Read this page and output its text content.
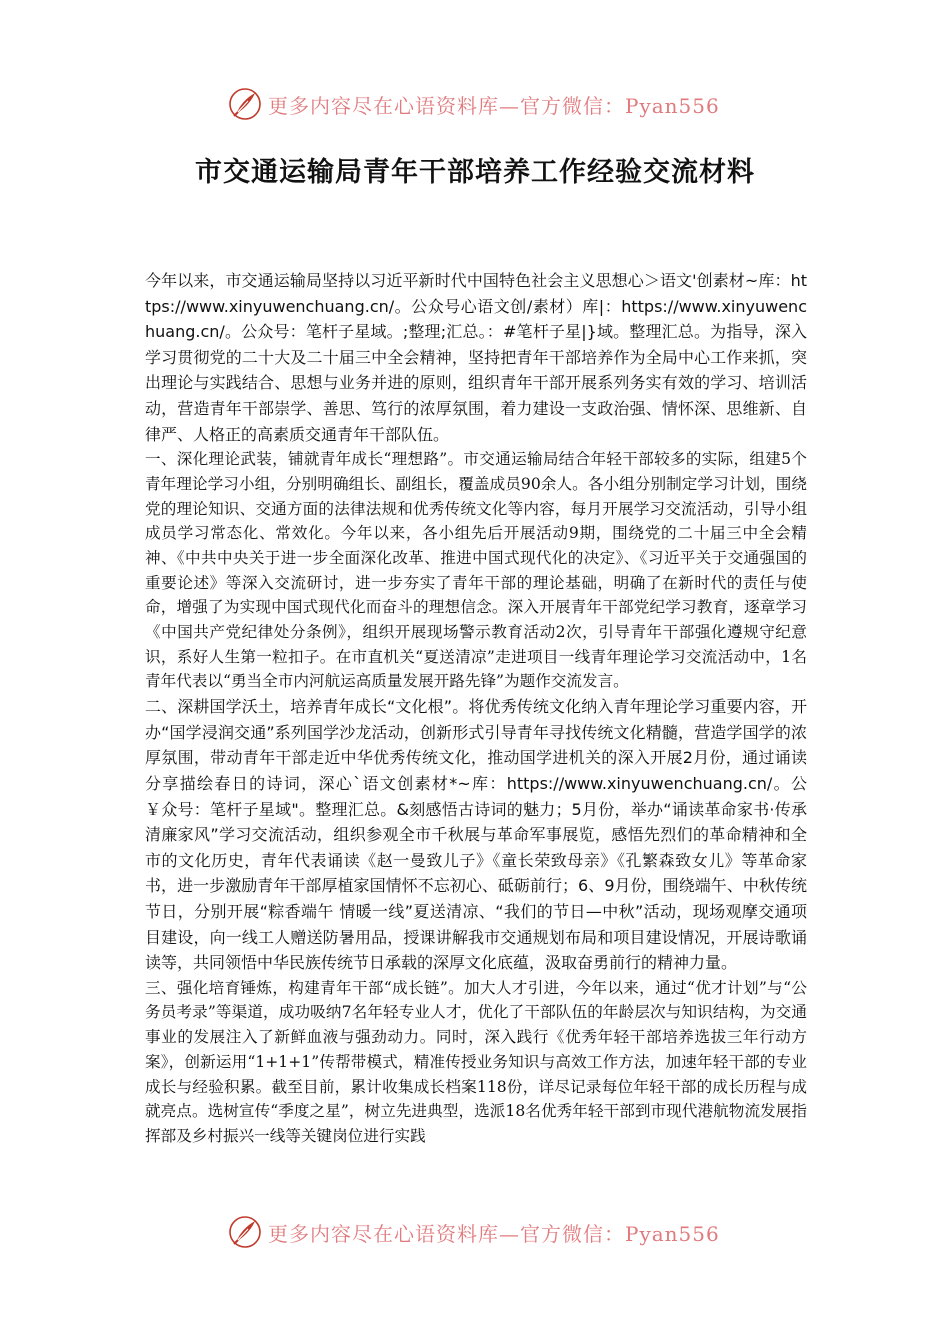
更多内容尽在心语资料库—官方微信：Pyan556
市交通运输局青年干部培养工作经验交流材料

今年以来，市交通运输局坚持以习近平新时代中国特色社会主义思想心＞语文'创素材~库：https://www.xinyuwenchuang.cn/。公众号心语文创/素材）库|：https://www.xinyuwenchuang.cn/。公众号：笔杆子星域。;整理;汇总。：#笔杆子星|}域。整理汇总。为指导，深入学习贯彻党的二十大及二十届三中全会精神，坚持把青年干部培养作为全局中心工作来抓，突出理论与实践结合、思想与业务并进的原则，组织青年干部开展系列务实有效的学习、培训活动，营造青年干部崇学、善思、笃行的浓厚氛围，着力建设一支政治强、情怀深、思维新、自律严、人格正的高素质交通青年干部队伍。

一、深化理论武装，铺就青年成长“理想路”。市交通运输局结合年轻干部较多的实际，组建5个青年理论学习小组，分别明确组长、副组长，覆盖成员90余人。各小组分别制定学习计划，围绕党的理论知识、交通方面的法律法规和优秀传统文化等内容，每月开展学习交流活动，引导小组成员学习常态化、常效化。今年以来，各小组先后开展活动9期，围绕党的二十届三中全会精神、《中共中央关于进一步全面深化改革、推进中国式现代化的决定》、《习近平关于交通强国的重要论述》等深入交流研讨，进一步夯实了青年干部的理论基础，明确了在新时代的责任与使命，增强了为实现中国式现代化而奋斗的理想信念。深入开展青年干部党纪学习教育，逐章学习《中国共产党纪律处分条例》，组织开展现场警示教育活动2次，引导青年干部强化遵规守纪意识，系好人生第一粒扣子。在市直机关“夏送清凉”走进项目一线青年理论学习交流活动中，1名青年代表以“勇当全市内河航运高质量发展开路先锋”为题作交流发言。

二、深耕国学沃土，培养青年成长“文化根”。将优秀传统文化纳入青年理论学习重要内容，开办“国学浸润交通”系列国学沙龙活动，创新形式引导青年寻找传统文化精髓，营造学国学的浓厚氛围，带动青年干部走近中华优秀传统文化，推动国学进机关的深入开展2月份，通过诵读分享描绘春日的诗词，深心`语文创素材*~库：https://www.xinyuwenchuang.cn/。公￥众号：笔杆子星域"。整理汇总。&刻感悟古诗词的魅力；5月份，举办“诵读革命家书·传承清廉家风”学习交流活动，组织参观全市千秋展与革命军事展览，感悟先烈们的革命精神和全市的文化历史，青年代表诵读《赵一曼致儿子》《童长荣致母亲》《孔繁森致女儿》等革命家书，进一步激励青年干部厚植家国情怀不忘初心、砥砺前行；6、9月份，围绕端午、中秋传统节日，分别开展“粽香端午 情暖一线”夏送清凉、“我们的节日—中秋”活动，现场观摩交通项目建设，向一线工人赠送防暑用品，授课讲解我市交通规划布局和项目建设情况，开展诗歌诵读等，共同领悟中华民族传统节日承载的深厚文化底蕴，汲取奋勇前行的精神力量。

三、强化培育锤炼，构建青年干部“成长链”。加大人才引进，今年以来，通过“优才计划”与“公务员考录”等渠道，成功吸纳7名年轻专业人才，优化了干部队伍的年龄层次与知识结构，为交通事业的发展注入了新鲜血液与强劲动力。同时，深入践行《优秀年轻干部培养选拔三年行动方案》，创新运用“1+1+1”传帮带模式，精准传授业务知识与高效工作方法，加速年轻干部的专业成长与经验积累。截至目前，累计收集成长档案118份，详尽记录每位年轻干部的成长历程与成就亮点。选树宣传“季度之星”，树立先进典型，选派18名优秀年轻干部到市现代港航物流发展指挥部及乡村振兴一线等关键岗位进行实践

更多内容尽在心语资料库—官方微信：Pyan556
